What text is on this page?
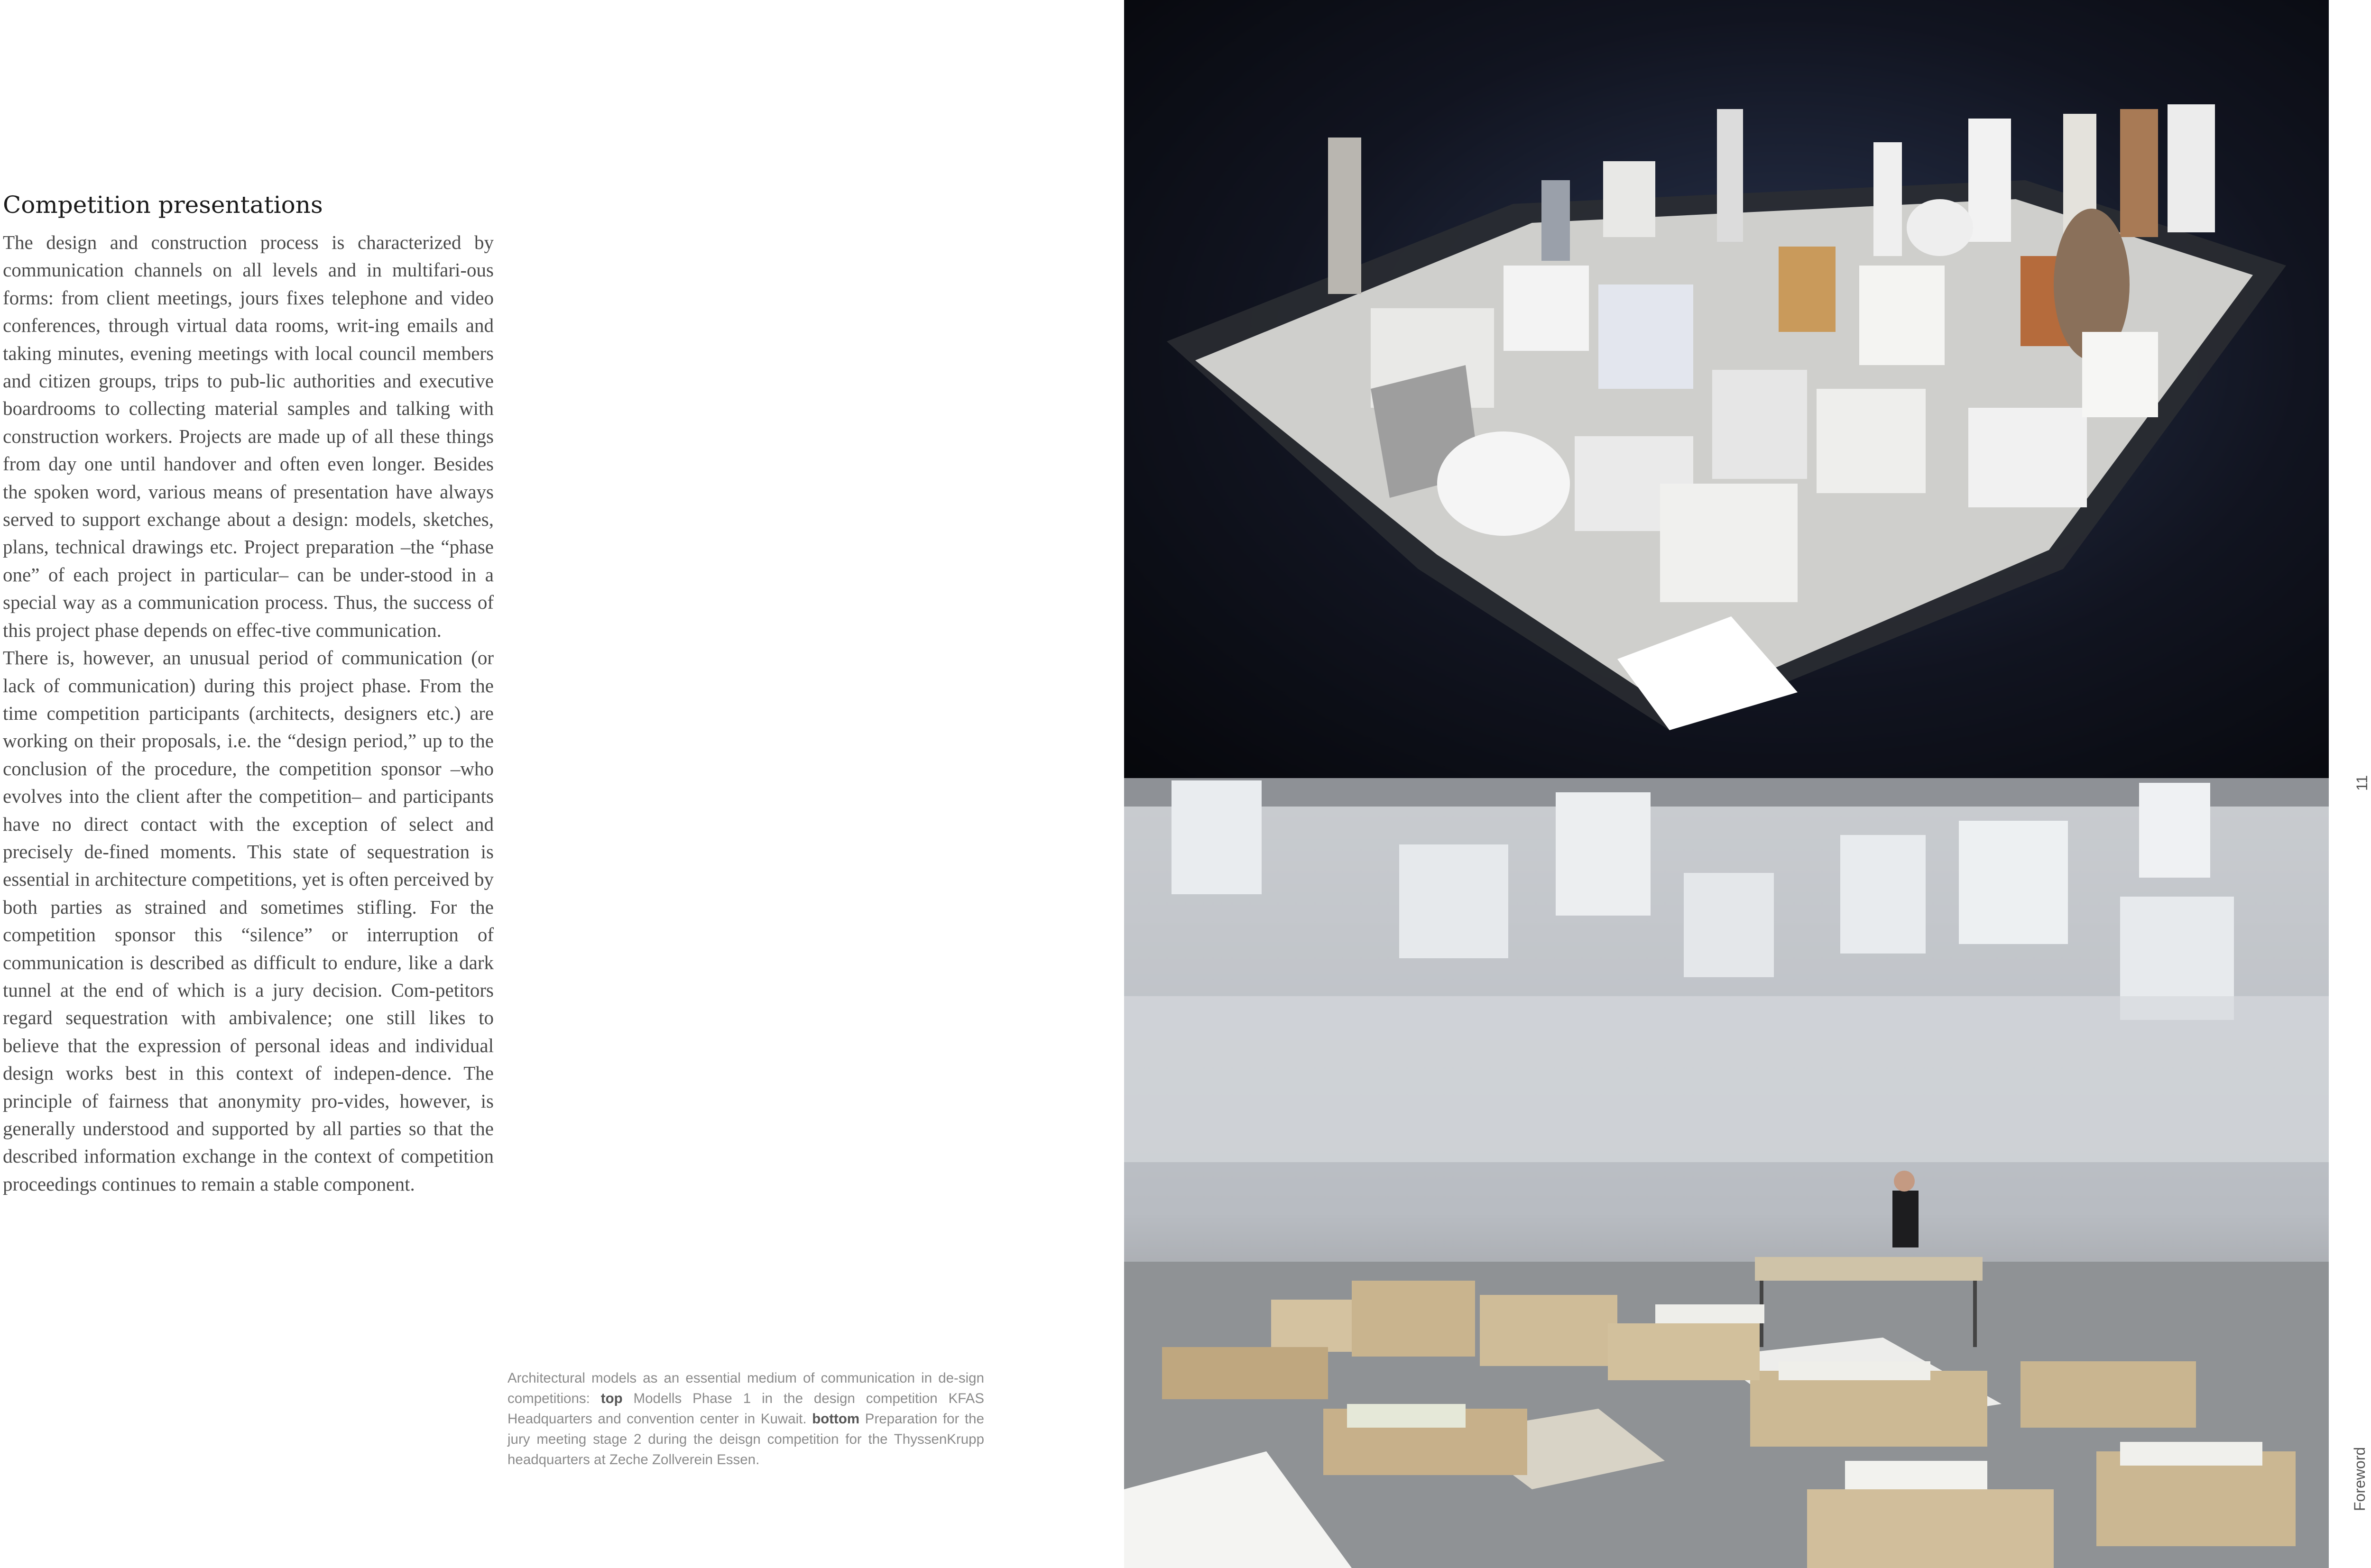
Competition presentations

The design and construction process is characterized by communication channels on all levels and in multifari-ous forms: from client meetings, jours fixes telephone and video conferences, through virtual data rooms, writ-ing emails and taking minutes, evening meetings with local council members and citizen groups, trips to pub-lic authorities and executive boardrooms to collecting material samples and talking with construction workers. Projects are made up of all these things from day one until handover and often even longer. Besides the spoken word, various means of presentation have always served to support exchange about a design: models, sketches, plans, technical drawings etc. Project preparation –the “phase one” of each project in particular– can be under-stood in a special way as a communication process. Thus, the success of this project phase depends on effec-tive communication.

There is, however, an unusual period of communication (or lack of communication) during this project phase. From the time competition participants (architects, designers etc.) are working on their proposals, i.e. the “design period,” up to the conclusion of the procedure, the competition sponsor –who evolves into the client after the competition– and participants have no direct contact with the exception of select and precisely de-fined moments. This state of sequestration is essential in architecture competitions, yet is often perceived by both parties as strained and sometimes stifling. For the competition sponsor this “silence” or interruption of communication is described as difficult to endure, like a dark tunnel at the end of which is a jury decision. Com-petitors regard sequestration with ambivalence; one still likes to believe that the expression of personal ideas and individual design works best in this context of indepen-dence. The principle of fairness that anonymity pro-vides, however, is generally understood and supported by all parties so that the described information exchange in the context of competition proceedings continues to remain a stable component.

Architectural models as an essential medium of communication in de-sign competitions: top Modells Phase 1 in the design competition KFAS Headquarters and convention center in Kuwait. bottom Preparation for the jury meeting stage 2 during the deisgn competition for the ThyssenKrupp headquarters at Zeche Zollverein Essen.
11
Foreword
